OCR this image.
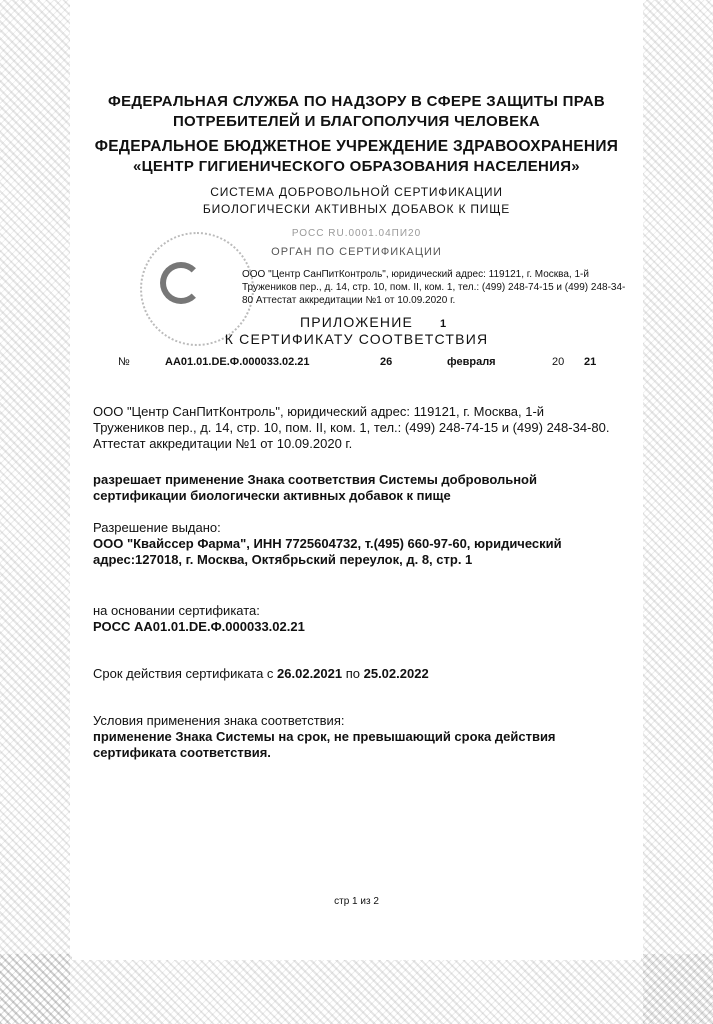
ФЕДЕРАЛЬНАЯ СЛУЖБА ПО НАДЗОРУ В СФЕРЕ ЗАЩИТЫ ПРАВ
ПОТРЕБИТЕЛЕЙ И БЛАГОПОЛУЧИЯ ЧЕЛОВЕКА
ФЕДЕРАЛЬНОЕ БЮДЖЕТНОЕ УЧРЕЖДЕНИЕ ЗДРАВООХРАНЕНИЯ
«ЦЕНТР ГИГИЕНИЧЕСКОГО ОБРАЗОВАНИЯ НАСЕЛЕНИЯ»
СИСТЕМА ДОБРОВОЛЬНОЙ СЕРТИФИКАЦИИ
БИОЛОГИЧЕСКИ АКТИВНЫХ ДОБАВОК К ПИЩЕ
РОСС RU.0001.04ПИ20
ОРГАН ПО СЕРТИФИКАЦИИ
ООО "Центр СанПитКонтроль", юридический адрес: 119121, г. Москва, 1-й Тружеников пер., д. 14, стр. 10, пом. II, ком. 1, тел.: (499) 248-74-15 и (499) 248-34-80 Аттестат аккредитации №1 от 10.09.2020 г.
ПРИЛОЖЕНИЕ	1
К СЕРТИФИКАТУ СООТВЕТСТВИЯ
№	AA01.01.DE.Ф.000033.02.21	26	февраля	20 21
ООО "Центр СанПитКонтроль", юридический адрес: 119121, г. Москва, 1-й Тружеников пер., д. 14, стр. 10, пом. II, ком. 1, тел.: (499) 248-74-15 и (499) 248-34-80. Аттестат аккредитации №1 от 10.09.2020 г.
разрешает применение Знака соответствия Системы добровольной сертификации биологически активных добавок к пище
Разрешение выдано:
ООО "Квайссер Фарма", ИНН 7725604732, т.(495) 660-97-60, юридический адрес:127018, г. Москва, Октябрьский переулок, д. 8, стр. 1
на основании сертификата:
РОСС AA01.01.DE.Ф.000033.02.21
Срок действия сертификата с 26.02.2021 по 25.02.2022
Условия применения знака соответствия:
применение Знака Системы на срок, не превышающий срока действия сертификата соответствия.
стр 1 из 2
